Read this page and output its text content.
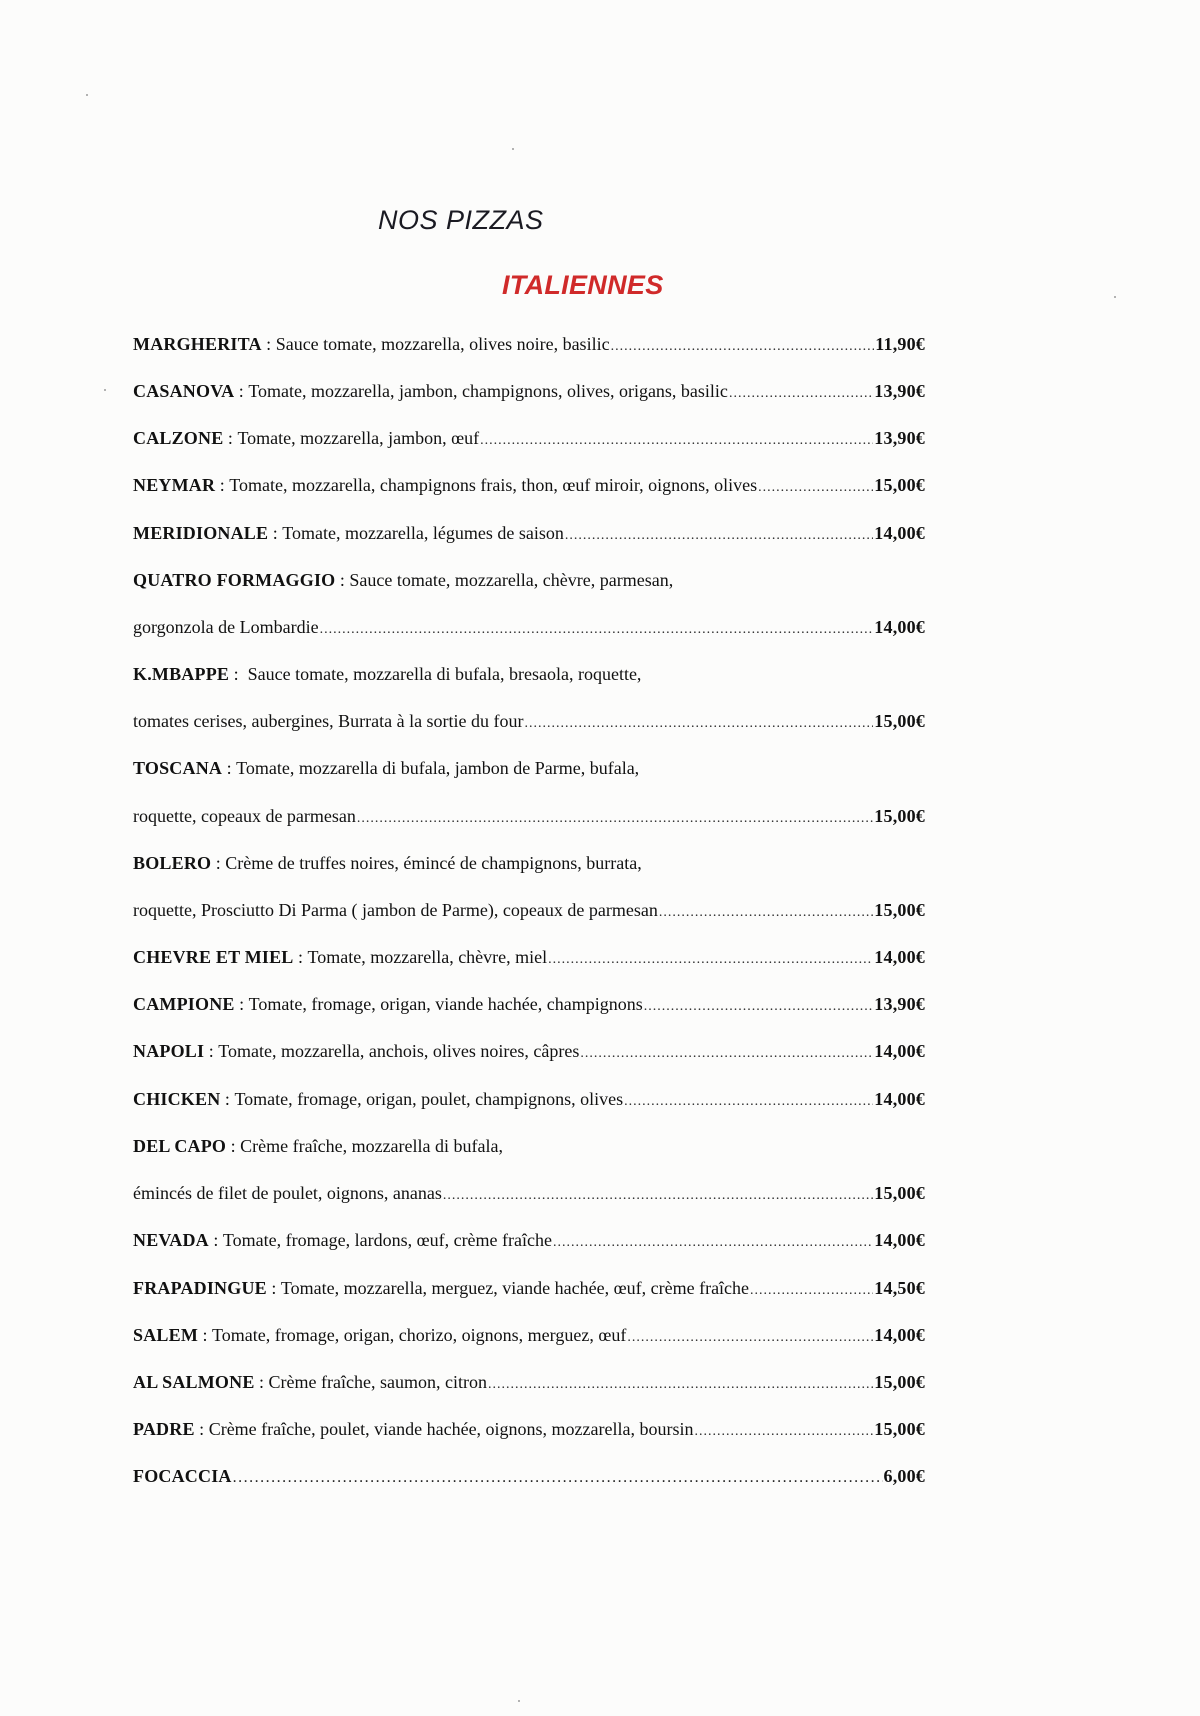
NOS PIZZAS
ITALIENNES
MARGHERITA : Sauce tomate, mozzarella, olives noire, basilic .....	11,90€
CASANOVA : Tomate, mozzarella, jambon, champignons, olives, origans, basilic .....	13,90€
CALZONE : Tomate, mozzarella, jambon, œuf .....	13,90€
NEYMAR : Tomate, mozzarella, champignons frais, thon, œuf miroir, oignons, olives .....	15,00€
MERIDIONALE : Tomate, mozzarella, légumes de saison .....	14,00€
QUATRO FORMAGGIO : Sauce tomate, mozzarella, chèvre, parmesan,
gorgonzola de Lombardie .....	14,00€
K.MBAPPE : Sauce tomate, mozzarella di bufala, bresaola, roquette,
tomates cerises, aubergines, Burrata à la sortie du four .....	15,00€
TOSCANA : Tomate, mozzarella di bufala, jambon de Parme, bufala,
roquette, copeaux de parmesan .....	15,00€
BOLERO : Crème de truffes noires, émincé de champignons, burrata,
roquette, Prosciutto Di Parma ( jambon de Parme), copeaux de parmesan .....	15,00€
CHEVRE ET MIEL : Tomate, mozzarella, chèvre, miel .....	14,00€
CAMPIONE : Tomate, fromage, origan, viande hachée, champignons .....	13,90€
NAPOLI : Tomate, mozzarella, anchois, olives noires, câpres .....	14,00€
CHICKEN : Tomate, fromage, origan, poulet, champignons, olives .....	14,00€
DEL CAPO : Crème fraîche, mozzarella di bufala,
émincés de filet de poulet, oignons, ananas .....	15,00€
NEVADA : Tomate, fromage, lardons, œuf, crème fraîche .....	14,00€
FRAPADINGUE : Tomate, mozzarella, merguez, viande hachée, œuf, crème fraîche .....	14,50€
SALEM : Tomate, fromage, origan, chorizo, oignons, merguez, œuf .....	14,00€
AL SALMONE : Crème fraîche, saumon, citron .....	15,00€
PADRE : Crème fraîche, poulet, viande hachée, oignons, mozzarella, boursin .....	15,00€
FOCACCIA .....	6,00€
